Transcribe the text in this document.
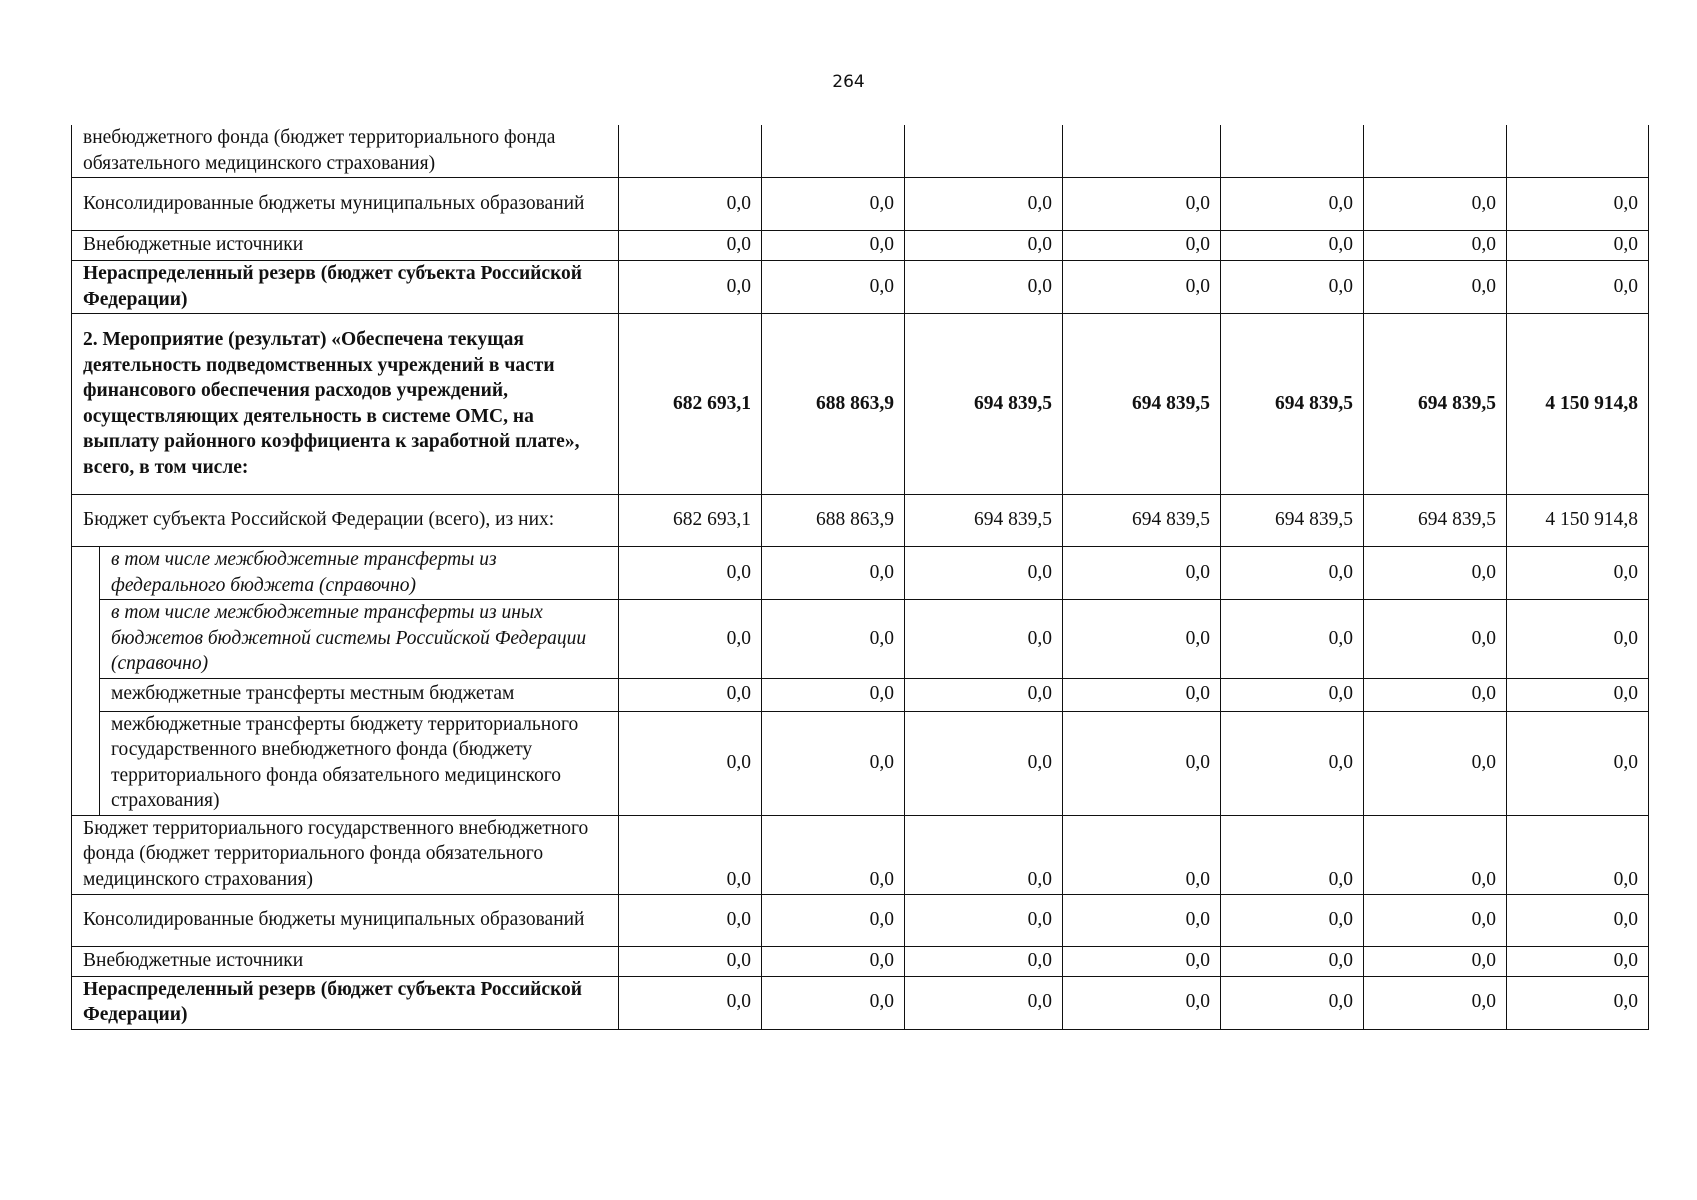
264
внебюджетного фонда (бюджет территориального фонда обязательного медицинского страхования)								
Консолидированные бюджеты муниципальных образований		0,0	0,0	0,0	0,0	0,0	0,0	0,0
Внебюджетные источники		0,0	0,0	0,0	0,0	0,0	0,0	0,0
Нераспределенный резерв (бюджет субъекта Российской Федерации)		0,0	0,0	0,0	0,0	0,0	0,0	0,0
2. Мероприятие (результат) «Обеспечена текущая деятельность подведомственных учреждений в части финансового обеспечения расходов учреждений, осуществляющих деятельность в системе ОМС, на выплату районного коэффициента к заработной плате», всего, в том числе:		682 693,1	688 863,9	694 839,5	694 839,5	694 839,5	694 839,5	4 150 914,8
Бюджет субъекта Российской Федерации (всего), из них:		682 693,1	688 863,9	694 839,5	694 839,5	694 839,5	694 839,5	4 150 914,8
	в том числе межбюджетные трансферты из федерального бюджета (справочно)	0,0	0,0	0,0	0,0	0,0	0,0	0,0
	в том числе межбюджетные трансферты из иных бюджетов бюджетной системы Российской Федерации (справочно)	0,0	0,0	0,0	0,0	0,0	0,0	0,0
	межбюджетные трансферты местным бюджетам	0,0	0,0	0,0	0,0	0,0	0,0	0,0
	межбюджетные трансферты бюджету территориального государственного внебюджетного фонда (бюджету территориального фонда обязательного медицинского страхования)	0,0	0,0	0,0	0,0	0,0	0,0	0,0
Бюджет территориального государственного внебюджетного фонда (бюджет территориального фонда обязательного медицинского страхования)		0,0	0,0	0,0	0,0	0,0	0,0	0,0
Консолидированные бюджеты муниципальных образований		0,0	0,0	0,0	0,0	0,0	0,0	0,0
Внебюджетные источники		0,0	0,0	0,0	0,0	0,0	0,0	0,0
Нераспределенный резерв (бюджет субъекта Российской Федерации)		0,0	0,0	0,0	0,0	0,0	0,0	0,0
